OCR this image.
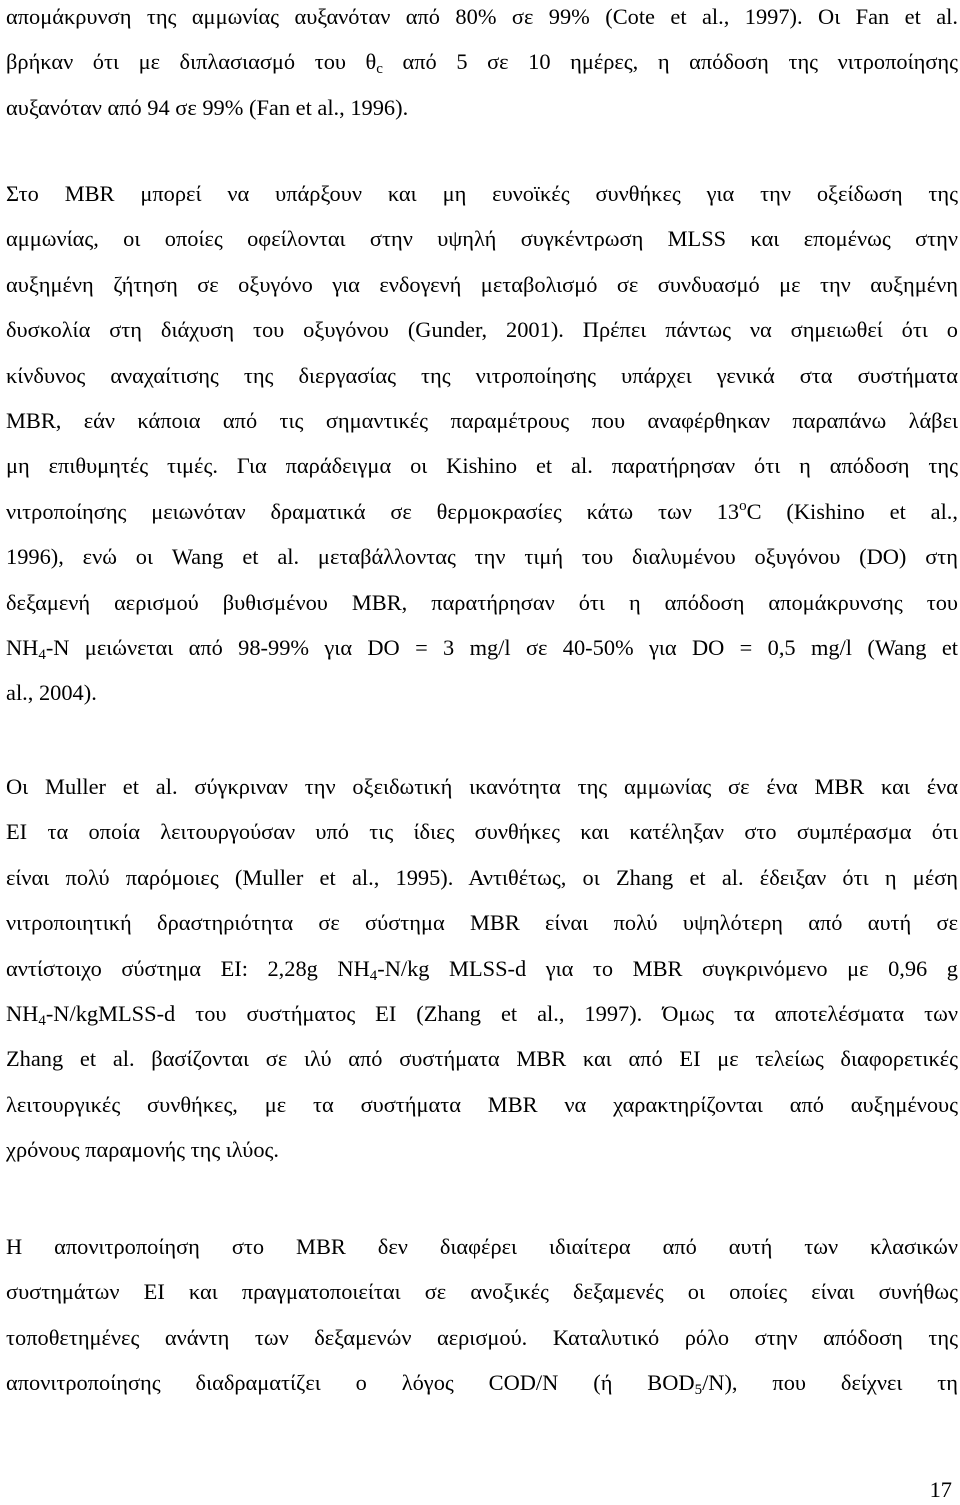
απομάκρυνση της αμμωνίας αυξανόταν από 80% σε 99% (Cote et al., 1997). Οι Fan et al.
βρήκαν ότι με διπλασιασμό του $\theta_c$ από 5 σε 10 ημέρες, η απόδοση της νιτροποίησης
αυξανόταν από 94 σε 99% (Fan et al., 1996).
Στο MBR μπορεί να υπάρξουν και μη ευνοϊκές συνθήκες για την οξείδωση της
αμμωνίας, οι οποίες οφείλονται στην υψηλή συγκέντρωση MLSS και επομένως στην
αυξημένη ζήτηση σε οξυγόνο για ενδογενή μεταβολισμό σε συνδυασμό με την αυξημένη
δυσκολία στη διάχυση του οξυγόνου (Gunder, 2001). Πρέπει πάντως να σημειωθεί ότι ο
κίνδυνος αναχαίτισης της διεργασίας της νιτροποίησης υπάρχει γενικά στα συστήματα
MBR, εάν κάποια από τις σημαντικές παραμέτρους που αναφέρθηκαν παραπάνω λάβει
μη επιθυμητές τιμές. Για παράδειγμα οι Kishino et al. παρατήρησαν ότι η απόδοση της
νιτροποίησης μειωνόταν δραματικά σε θερμοκρασίες κάτω των 13$^o$C (Kishino et al.,
1996), ενώ οι Wang et al. μεταβάλλοντας την τιμή του διαλυμένου οξυγόνου (DO) στη
δεξαμενή αερισμού βυθισμένου MBR, παρατήρησαν ότι η απόδοση απομάκρυνσης του
$NH_4-N$ μειώνεται από 98-99% για DO = 3 mg/l σε 40-50% για DO = 0,5 mg/l (Wang et
al., 2004).
Οι Muller et al. σύγκριναν την οξειδωτική ικανότητα της αμμωνίας σε ένα MBR και ένα
ΕΙ τα οποία λειτουργούσαν υπό τις ίδιες συνθήκες και κατέληξαν στο συμπέρασμα ότι
είναι πολύ παρόμοιες (Muller et al., 1995). Αντιθέτως, οι Zhang et al. έδειξαν ότι η μέση
νιτροποιητική δραστηριότητα σε σύστημα MBR είναι πολύ υψηλότερη από αυτή σε
αντίστοιχο σύστημα ΕΙ: 2,28g $NH_4-N/kg$ MLSS-d για το MBR συγκρινόμενο με 0,96 g
$NH_4-N/kgMLSS-d$ του συστήματος ΕΙ (Zhang et al., 1997). Όμως τα αποτελέσματα των
Zhang et al. βασίζονται σε ιλύ από συστήματα MBR και από ΕΙ με τελείως διαφορετικές
λειτουργικές συνθήκες, με τα συστήματα MBR να χαρακτηρίζονται από αυξημένους
χρόνους παραμονής της ιλύος.
Η απονιτροποίηση στο MBR δεν διαφέρει ιδιαίτερα από αυτή των κλασικών
συστημάτων ΕΙ και πραγματοποιείται σε ανοξικές δεξαμενές οι οποίες είναι συνήθως
τοποθετημένες ανάντη των δεξαμενών αερισμού. Καταλυτικό ρόλο στην απόδοση της
απονιτροποίησης διαδραματίζει ο λόγος COD/N (ή $BOD_5/N$), που δείχνει τη
17
